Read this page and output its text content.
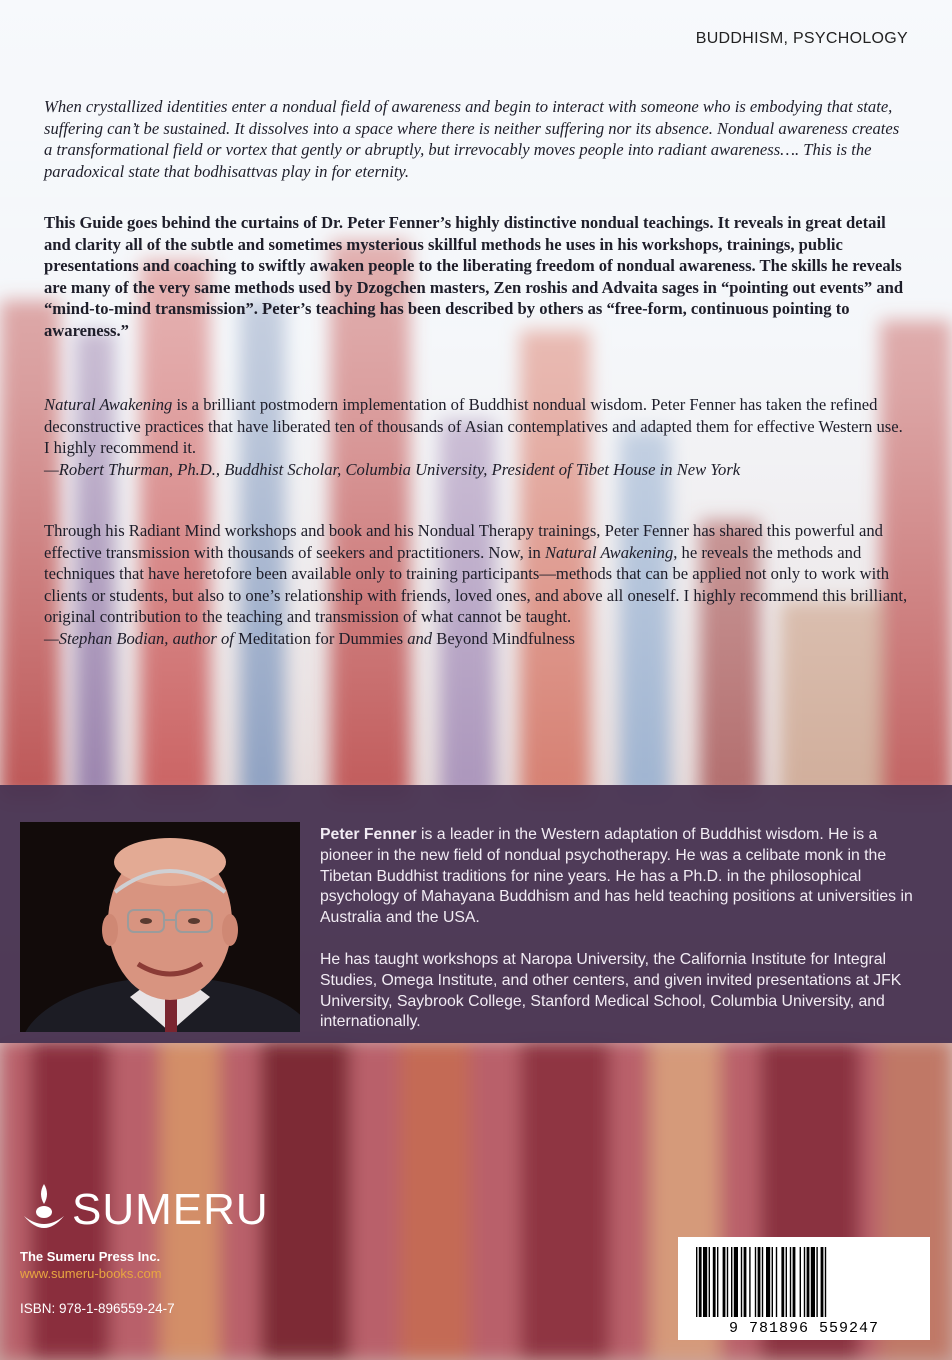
BUDDHISM, PSYCHOLOGY
When crystallized identities enter a nondual field of awareness and begin to interact with someone who is embodying that state, suffering can’t be sustained. It dissolves into a space where there is neither suffering nor its absence. Nondual awareness creates a transformational field or vortex that gently or abruptly, but irrevocably moves people into radiant awareness…. This is the paradoxical state that bodhisattvas play in for eternity.
This Guide goes behind the curtains of Dr. Peter Fenner’s highly distinctive nondual teachings. It reveals in great detail and clarity all of the subtle and sometimes mysterious skillful methods he uses in his workshops, trainings, public presentations and coaching to swiftly awaken people to the liberating freedom of nondual awareness. The skills he reveals are many of the very same methods used by Dzogchen masters, Zen roshis and Advaita sages in “pointing out events” and “mind-to-mind transmission”. Peter’s teaching has been described by others as “free-form, continuous pointing to awareness.”

Natural Awakening is a brilliant postmodern implementation of Buddhist nondual wisdom. Peter Fenner has taken the refined deconstructive practices that have liberated ten of thousands of Asian contemplatives and adapted them for effective Western use. I highly recommend it.

—Robert Thurman, Ph.D., Buddhist Scholar, Columbia University, President of Tibet House in New York

Through his Radiant Mind workshops and book and his Nondual Therapy trainings, Peter Fenner has shared this powerful and effective transmission with thousands of seekers and practitioners. Now, in Natural Awakening, he reveals the methods and techniques that have heretofore been available only to training participants—methods that can be applied not only to work with clients or students, but also to one’s relationship with friends, loved ones, and above all oneself. I highly recommend this brilliant, original contribution to the teaching and transmission of what cannot be taught.

—Stephan Bodian, author of Meditation for Dummies and Beyond Mindfulness

Peter Fenner is a leader in the Western adaptation of Buddhist wisdom. He is a pioneer in the new field of nondual psychotherapy. He was a celibate monk in the Tibetan Buddhist traditions for nine years. He has a Ph.D. in the philosophical psychology of Mahayana Buddhism and has held teaching positions at universities in Australia and the USA.

He has taught workshops at Naropa University, the California Institute for Integral Studies, Omega Institute, and other centers, and given invited presentations at JFK University, Saybrook College, Stanford Medical School, Columbia University, and internationally.

SUMERU
The Sumeru Press Inc.
www.sumeru-books.com
ISBN: 978-1-896559-24-7
9 781896 559247
